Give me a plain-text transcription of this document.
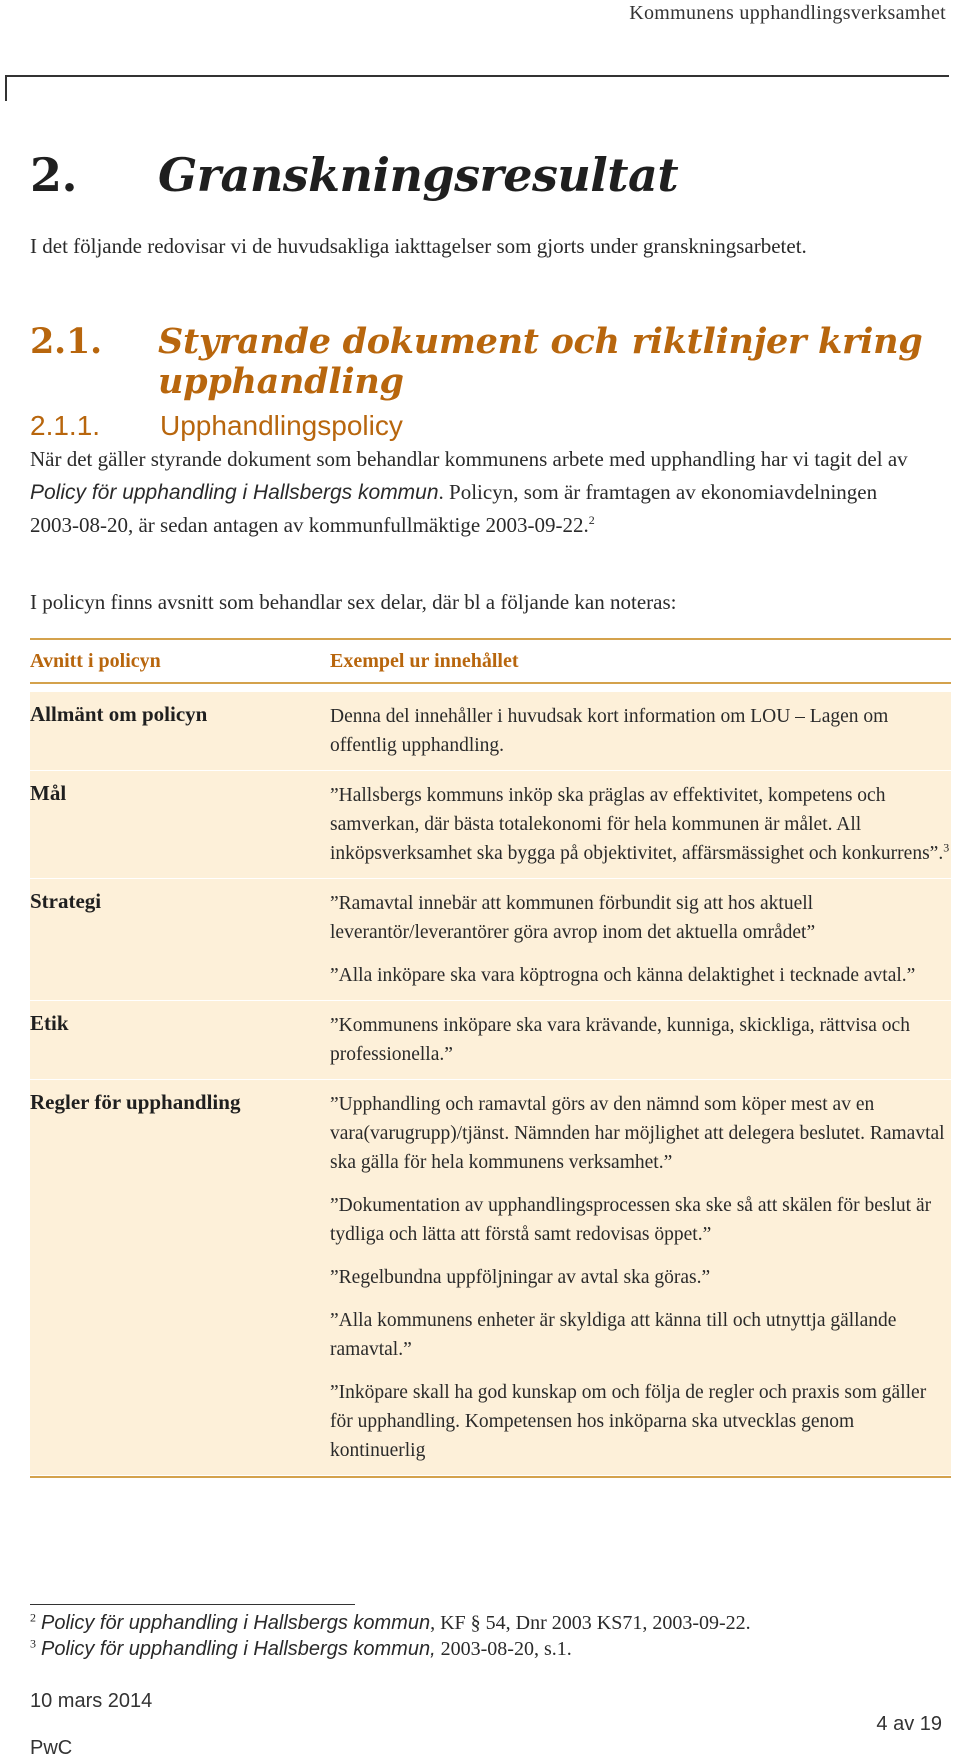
Kommunens upphandlingsverksamhet
2. Granskningsresultat
I det följande redovisar vi de huvudsakliga iakttagelser som gjorts under granskningsarbetet.
2.1. Styrande dokument och riktlinjer kring
upphandling
2.1.1. Upphandlingspolicy
När det gäller styrande dokument som behandlar kommunens arbete med upphandling har vi tagit del av Policy för upphandling i Hallsbergs kommun. Policyn, som är framtagen av ekonomiavdelningen 2003-08-20, är sedan antagen av kommunfullmäktige 2003-09-22.$^2$
I policyn finns avsnitt som behandlar sex delar, där bl a följande kan noteras:
Avnitt i policyn	Exempel ur innehållet
Allmänt om policyn	Denna del innehåller i huvudsak kort information om LOU – Lagen om offentlig upphandling.

Mål	”Hallsbergs kommuns inköp ska präglas av effektivitet, kompetens och samverkan, där bästa totalekonomi för hela kommunen är målet. All inköpsverksamhet ska bygga på objektivitet, affärsmässighet och konkurrens”.$^3$

Strategi	”Ramavtal innebär att kommunen förbundit sig att hos aktuell leverantör/leverantörer göra avrop inom det aktuella området”

”Alla inköpare ska vara köptrogna och känna delaktighet i tecknade avtal.”

Etik	”Kommunens inköpare ska vara krävande, kunniga, skickliga, rättvisa och professionella.”

Regler för upphandling	”Upphandling och ramavtal görs av den nämnd som köper mest av en vara(varugrupp)/tjänst. Nämnden har möjlighet att delegera beslutet. Ramavtal ska gälla för hela kommunens verksamhet.”

”Dokumentation av upphandlingsprocessen ska ske så att skälen för beslut är tydliga och lätta att förstå samt redovisas öppet.”

”Regelbundna uppföljningar av avtal ska göras.”

”Alla kommunens enheter är skyldiga att känna till och utnyttja gällande ramavtal.”

”Inköpare skall ha god kunskap om och följa de regler och praxis som gäller för upphandling. Kompetensen hos inköparna ska utvecklas genom kontinuerlig

$^2$ Policy för upphandling i Hallsbergs kommun, KF § 54, Dnr 2003 KS71, 2003-09-22.
$^3$ Policy för upphandling i Hallsbergs kommun, 2003-08-20, s.1.
10 mars 2014
4 av 19
PwC
